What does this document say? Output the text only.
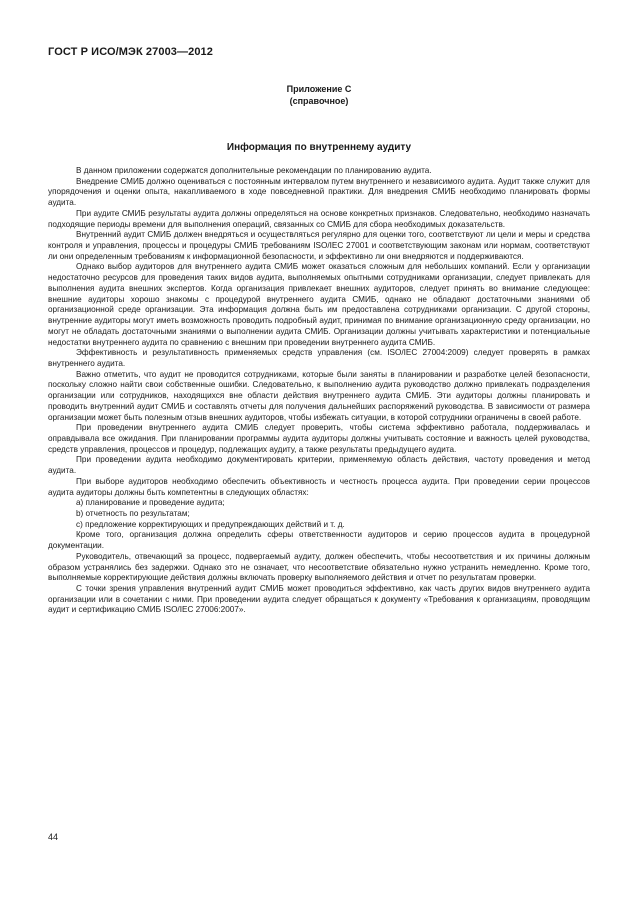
ГОСТ Р ИСО/МЭК 27003—2012
Приложение С
(справочное)
Информация по внутреннему аудиту

В данном приложении содержатся дополнительные рекомендации по планированию аудита.

Внедрение СМИБ должно оцениваться с постоянным интервалом путем внутреннего и независимого аудита. Аудит также служит для упорядочения и оценки опыта, накапливаемого в ходе повседневной практики. Для внедрения СМИБ необходимо планировать формы аудита.

При аудите СМИБ результаты аудита должны определяться на основе конкретных признаков. Следовательно, необходимо назначать подходящие периоды времени для выполнения операций, связанных со СМИБ для сбора необходимых доказательств.

Внутренний аудит СМИБ должен внедряться и осуществляться регулярно для оценки того, соответствуют ли цели и меры и средства контроля и управления, процессы и процедуры СМИБ требованиям ISO/IEC 27001 и соответствующим законам или нормам, соответствуют ли они определенным требованиям к информационной безопасности, и эффективно ли они внедряются и поддерживаются.

Однако выбор аудиторов для внутреннего аудита СМИБ может оказаться сложным для небольших компаний. Если у организации недостаточно ресурсов для проведения таких видов аудита, выполняемых опытными сотрудниками организации, следует привлекать для выполнения аудита внешних экспертов. Когда организация привлекает внешних аудиторов, следует принять во внимание следующее: внешние аудиторы хорошо знакомы с процедурой внутреннего аудита СМИБ, однако не обладают достаточными знаниями об организационной среде организации. Эта информация должна быть им предоставлена сотрудниками организации. С другой стороны, внутренние аудиторы могут иметь возможность проводить подробный аудит, принимая по внимание организационную среду организации, но могут не обладать достаточными знаниями о выполнении аудита СМИБ. Организации должны учитывать характеристики и потенциальные недостатки внутреннего аудита по сравнению с внешним при проведении внутреннего аудита СМИБ.

Эффективность и результативность применяемых средств управления (см. ISO/IEC 27004:2009) следует проверять в рамках внутреннего аудита.

Важно отметить, что аудит не проводится сотрудниками, которые были заняты в планировании и разработке целей безопасности, поскольку сложно найти свои собственные ошибки. Следовательно, к выполнению аудита руководство должно привлекать подразделения организации или сотрудников, находящихся вне области действия внутреннего аудита СМИБ. Эти аудиторы должны планировать и проводить внутренний аудит СМИБ и составлять отчеты для получения дальнейших распоряжений руководства. В зависимости от размера организации может быть полезным отзыв внешних аудиторов, чтобы избежать ситуации, в которой сотрудники ограничены в своей работе.

При проведении внутреннего аудита СМИБ следует проверить, чтобы система эффективно работала, поддерживалась и оправдывала все ожидания. При планировании программы аудита аудиторы должны учитывать состояние и важность целей руководства, средств управления, процессов и процедур, подлежащих аудиту, а также результаты предыдущего аудита.

При проведении аудита необходимо документировать критерии, применяемую область действия, частоту проведения и метод аудита.

При выборе аудиторов необходимо обеспечить объективность и честность процесса аудита. При проведении серии процессов аудита аудиторы должны быть компетентны в следующих областях:

a) планирование и проведение аудита;

b) отчетность по результатам;

c) предложение корректирующих и предупреждающих действий и т. д.

Кроме того, организация должна определить сферы ответственности аудиторов и серию процессов аудита в процедурной документации.

Руководитель, отвечающий за процесс, подвергаемый аудиту, должен обеспечить, чтобы несоответствия и их причины должным образом устранялись без задержки. Однако это не означает, что несоответствие обязательно нужно устранить немедленно. Кроме того, выполняемые корректирующие действия должны включать проверку выполняемого действия и отчет по результатам проверки.

С точки зрения управления внутренний аудит СМИБ может проводиться эффективно, как часть других видов внутреннего аудита организации или в сочетании с ними. При проведении аудита следует обращаться к документу «Требования к организациям, проводящим аудит и сертификацию СМИБ ISO/IEC 27006:2007».

44
